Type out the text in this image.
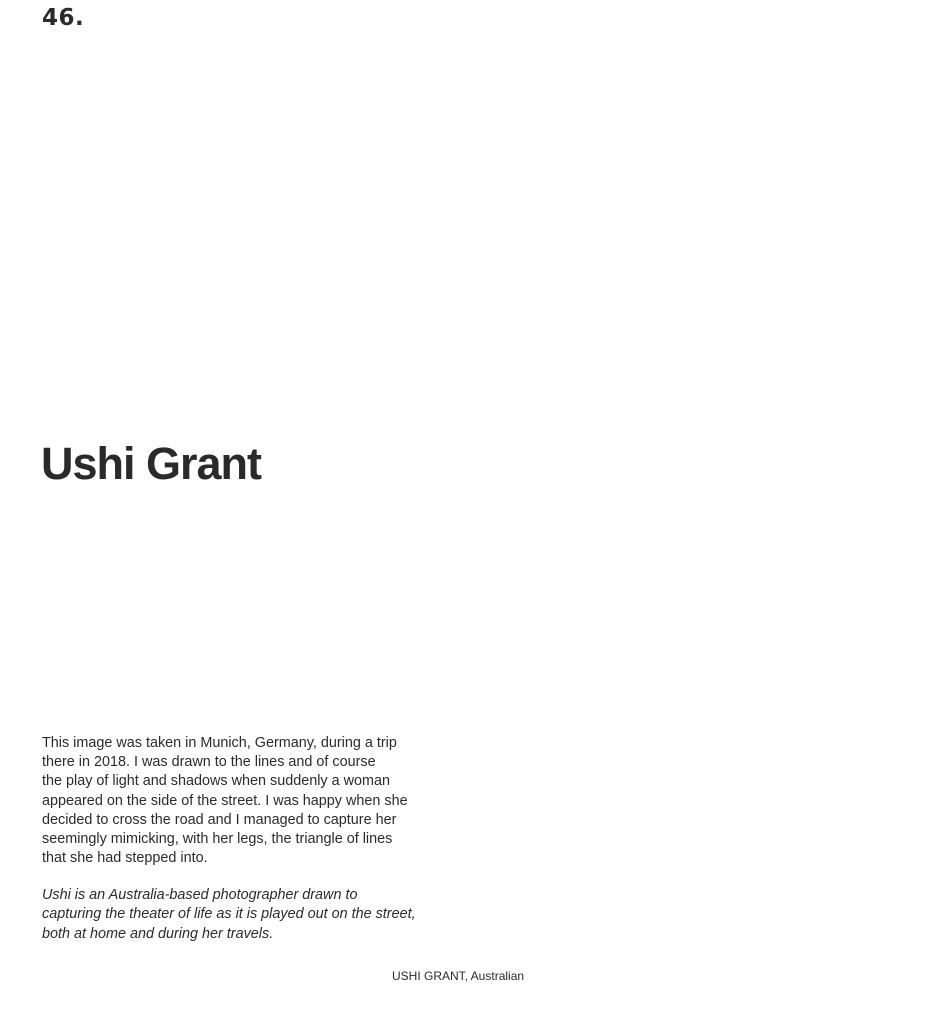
46.
Ushi Grant

This image was taken in Munich, Germany, during a trip
there in 2018. I was drawn to the lines and of course
the play of light and shadows when suddenly a woman
appeared on the side of the street. I was happy when she
decided to cross the road and I managed to capture her
seemingly mimicking, with her legs, the triangle of lines
that she had stepped into.

Ushi is an Australia-based photographer drawn to
capturing the theater of life as it is played out on the street,
both at home and during her travels.

USHI GRANT, Australian
